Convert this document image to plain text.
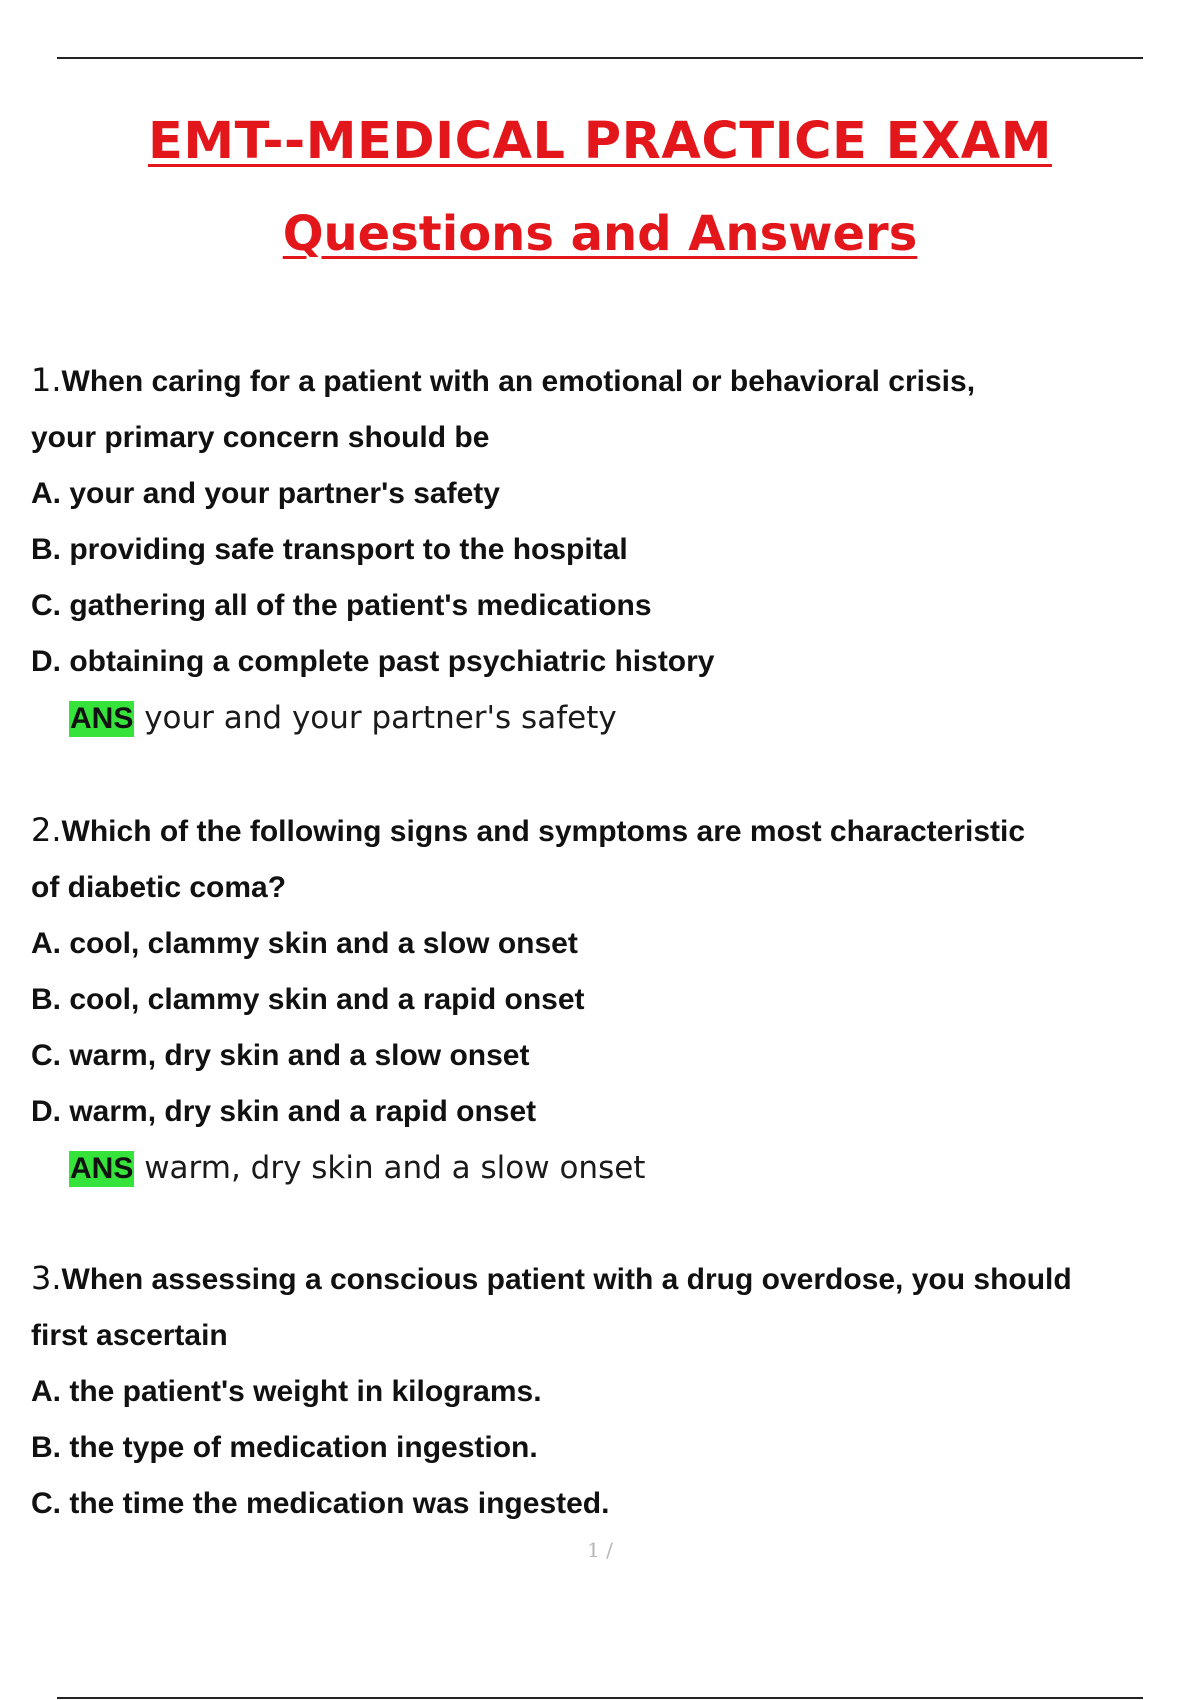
EMT--MEDICAL PRACTICE EXAM
Questions and Answers
1.When caring for a patient with an emotional or behavioral crisis,
your primary concern should be
A. your and your partner's safety
B. providing safe transport to the hospital
C. gathering all of the patient's medications
D. obtaining a complete past psychiatric history
ANS your and your partner's safety
2.Which of the following signs and symptoms are most characteristic
of diabetic coma?
A. cool, clammy skin and a slow onset
B. cool, clammy skin and a rapid onset
C. warm, dry skin and a slow onset
D. warm, dry skin and a rapid onset
ANS warm, dry skin and a slow onset
3.When assessing a conscious patient with a drug overdose, you should
first ascertain
A. the patient's weight in kilograms.
B. the type of medication ingestion.
C. the time the medication was ingested.
1 /
